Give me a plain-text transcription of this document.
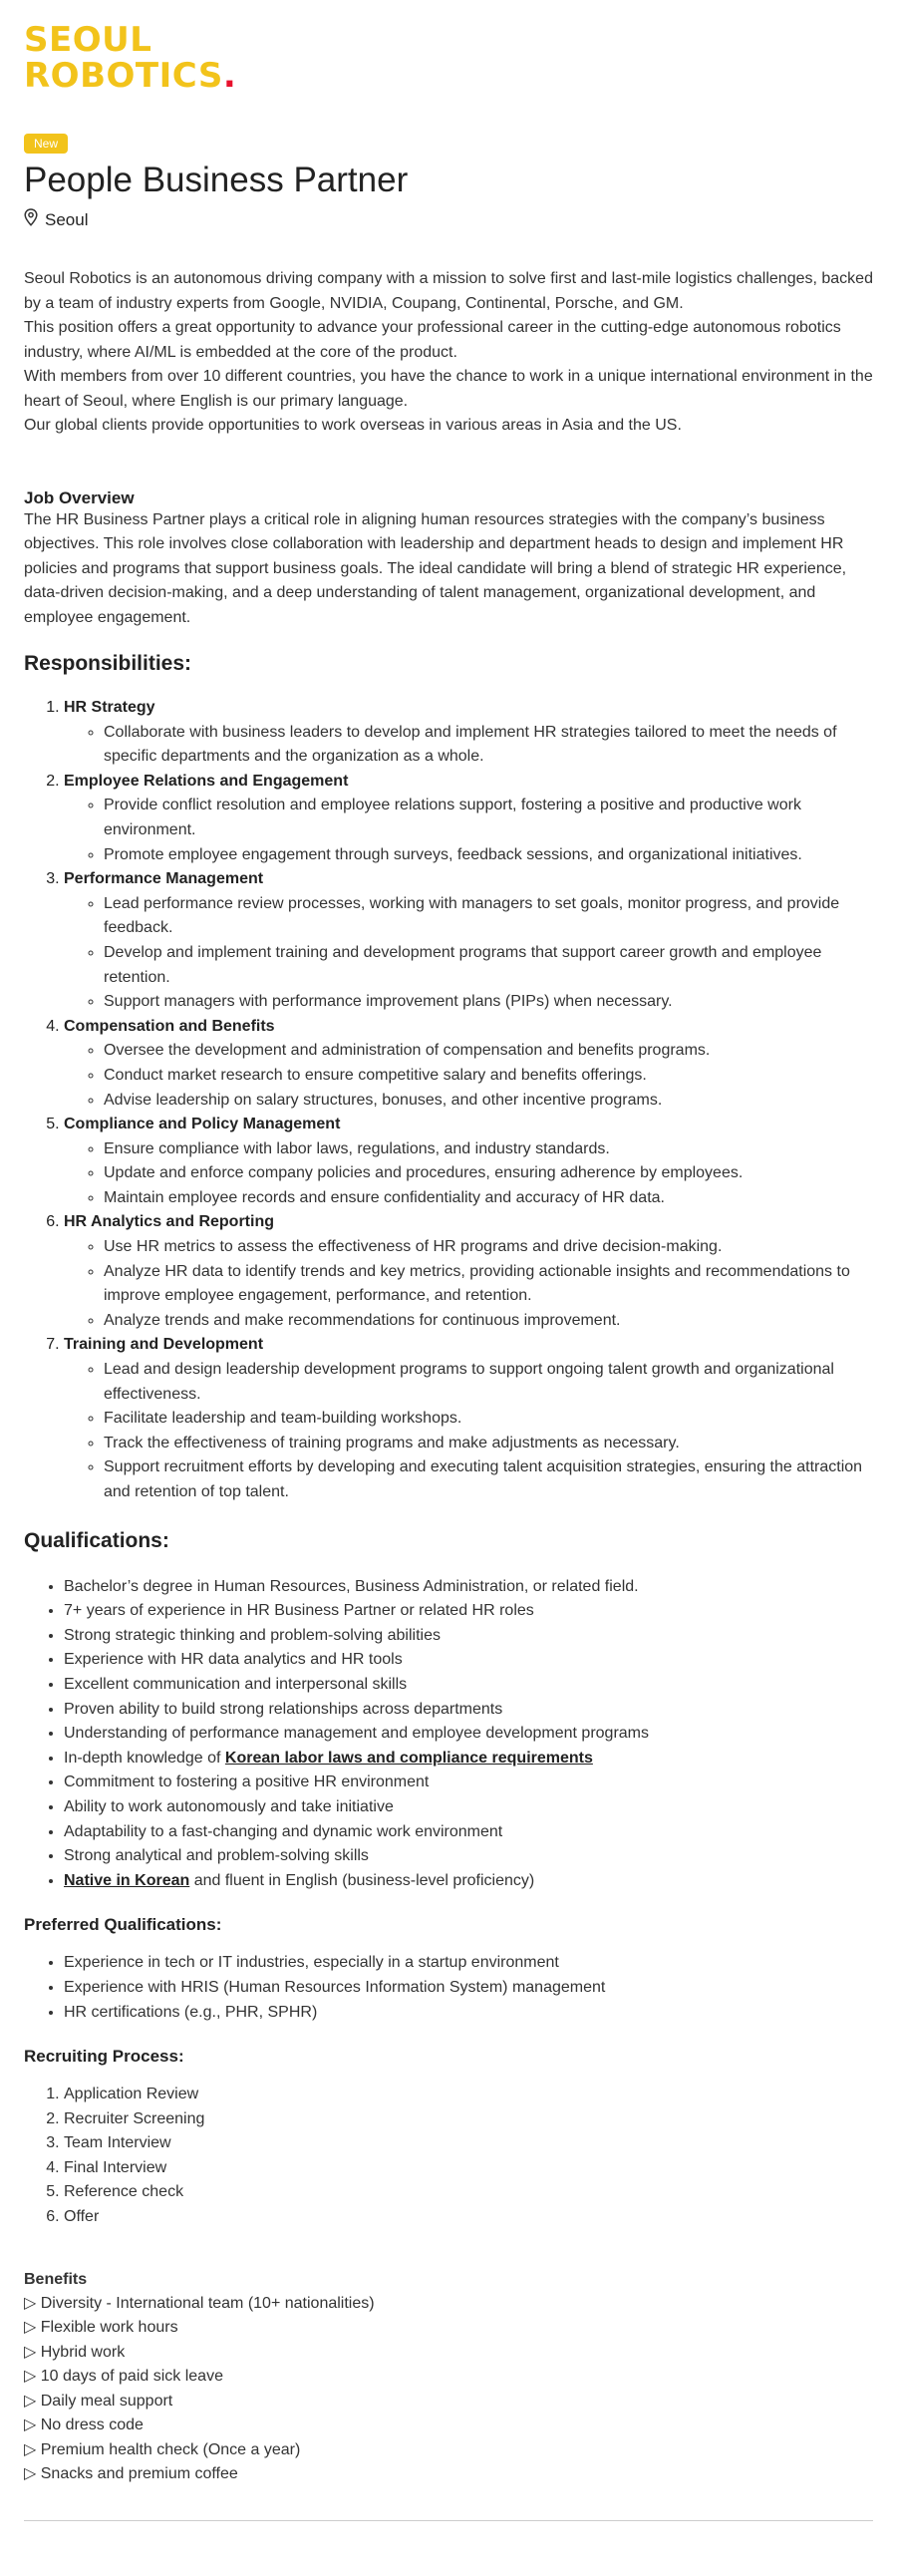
SEOUL
ROBOTICS.
New
People Business Partner
Seoul
Seoul Robotics is an autonomous driving company with a mission to solve first and last-mile logistics challenges, backed by a team of industry experts from Google, NVIDIA, Coupang, Continental, Porsche, and GM.
This position offers a great opportunity to advance your professional career in the cutting-edge autonomous robotics industry, where AI/ML is embedded at the core of the product.
With members from over 10 different countries, you have the chance to work in a unique international environment in the heart of Seoul, where English is our primary language.
Our global clients provide opportunities to work overseas in various areas in Asia and the US.
Job Overview
The HR Business Partner plays a critical role in aligning human resources strategies with the company’s business objectives. This role involves close collaboration with leadership and department heads to design and implement HR policies and programs that support business goals. The ideal candidate will bring a blend of strategic HR experience, data-driven decision-making, and a deep understanding of talent management, organizational development, and employee engagement.
Responsibilities:
1. HR Strategy
◦ Collaborate with business leaders to develop and implement HR strategies tailored to meet the needs of specific departments and the organization as a whole.
2. Employee Relations and Engagement
◦ Provide conflict resolution and employee relations support, fostering a positive and productive work environment.
◦ Promote employee engagement through surveys, feedback sessions, and organizational initiatives.
3. Performance Management
◦ Lead performance review processes, working with managers to set goals, monitor progress, and provide feedback.
◦ Develop and implement training and development programs that support career growth and employee retention.
◦ Support managers with performance improvement plans (PIPs) when necessary.
4. Compensation and Benefits
◦ Oversee the development and administration of compensation and benefits programs.
◦ Conduct market research to ensure competitive salary and benefits offerings.
◦ Advise leadership on salary structures, bonuses, and other incentive programs.
5. Compliance and Policy Management
◦ Ensure compliance with labor laws, regulations, and industry standards.
◦ Update and enforce company policies and procedures, ensuring adherence by employees.
◦ Maintain employee records and ensure confidentiality and accuracy of HR data.
6. HR Analytics and Reporting
◦ Use HR metrics to assess the effectiveness of HR programs and drive decision-making.
◦ Analyze HR data to identify trends and key metrics, providing actionable insights and recommendations to improve employee engagement, performance, and retention.
◦ Analyze trends and make recommendations for continuous improvement.
7. Training and Development
◦ Lead and design leadership development programs to support ongoing talent growth and organizational effectiveness.
◦ Facilitate leadership and team-building workshops.
◦ Track the effectiveness of training programs and make adjustments as necessary.
◦ Support recruitment efforts by developing and executing talent acquisition strategies, ensuring the attraction and retention of top talent.
Qualifications:
• Bachelor’s degree in Human Resources, Business Administration, or related field.
• 7+ years of experience in HR Business Partner or related HR roles
• Strong strategic thinking and problem-solving abilities
• Experience with HR data analytics and HR tools
• Excellent communication and interpersonal skills
• Proven ability to build strong relationships across departments
• Understanding of performance management and employee development programs
• In-depth knowledge of Korean labor laws and compliance requirements
• Commitment to fostering a positive HR environment
• Ability to work autonomously and take initiative
• Adaptability to a fast-changing and dynamic work environment
• Strong analytical and problem-solving skills
• Native in Korean and fluent in English (business-level proficiency)
Preferred Qualifications:
• Experience in tech or IT industries, especially in a startup environment
• Experience with HRIS (Human Resources Information System) management
• HR certifications (e.g., PHR, SPHR)
Recruiting Process:
1. Application Review
2. Recruiter Screening
3. Team Interview
4. Final Interview
5. Reference check
6. Offer
Benefits
▷ Diversity - International team (10+ nationalities)
▷ Flexible work hours
▷ Hybrid work
▷ 10 days of paid sick leave
▷ Daily meal support
▷ No dress code
▷ Premium health check (Once a year)
▷ Snacks and premium coffee
